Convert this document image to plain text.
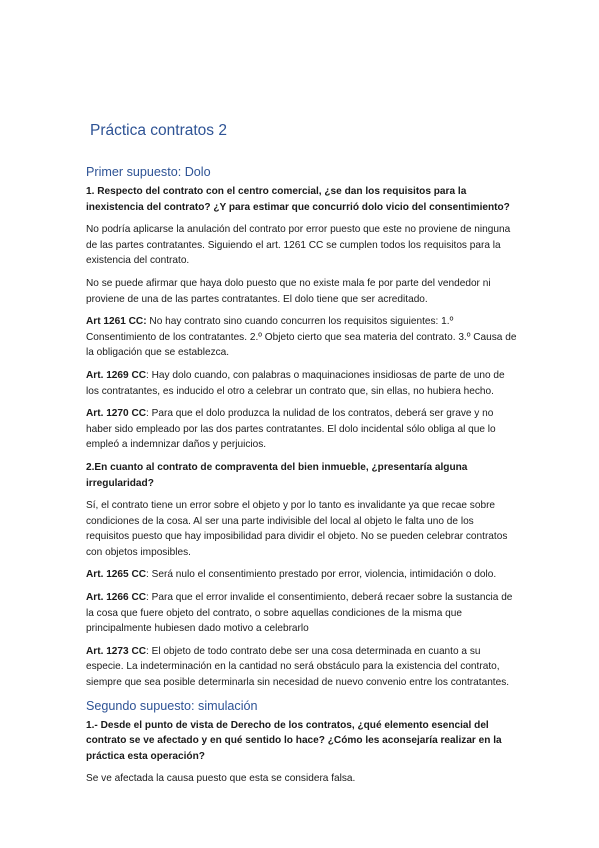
Práctica contratos 2
Primer supuesto: Dolo

1. Respecto del contrato con el centro comercial, ¿se dan los requisitos para la inexistencia del contrato? ¿Y para estimar que concurrió dolo vicio del consentimiento?

No podría aplicarse la anulación del contrato por error puesto que este no proviene de ninguna de las partes contratantes. Siguiendo el art. 1261 CC se cumplen todos los requisitos para la existencia del contrato.

No se puede afirmar que haya dolo puesto que no existe mala fe por parte del vendedor ni proviene de una de las partes contratantes. El dolo tiene que ser acreditado.

Art 1261 CC: No hay contrato sino cuando concurren los requisitos siguientes: 1.º Consentimiento de los contratantes. 2.º Objeto cierto que sea materia del contrato. 3.º Causa de la obligación que se establezca.

Art. 1269 CC: Hay dolo cuando, con palabras o maquinaciones insidiosas de parte de uno de los contratantes, es inducido el otro a celebrar un contrato que, sin ellas, no hubiera hecho.

Art. 1270 CC: Para que el dolo produzca la nulidad de los contratos, deberá ser grave y no haber sido empleado por las dos partes contratantes. El dolo incidental sólo obliga al que lo empleó a indemnizar daños y perjuicios.

2.En cuanto al contrato de compraventa del bien inmueble, ¿presentaría alguna irregularidad?

Sí, el contrato tiene un error sobre el objeto y por lo tanto es invalidante ya que recae sobre condiciones de la cosa. Al ser una parte indivisible del local al objeto le falta uno de los requisitos puesto que hay imposibilidad para dividir el objeto. No se pueden celebrar contratos con objetos imposibles.

Art. 1265 CC: Será nulo el consentimiento prestado por error, violencia, intimidación o dolo.

Art. 1266 CC: Para que el error invalide el consentimiento, deberá recaer sobre la sustancia de la cosa que fuere objeto del contrato, o sobre aquellas condiciones de la misma que principalmente hubiesen dado motivo a celebrarlo

Art. 1273 CC: El objeto de todo contrato debe ser una cosa determinada en cuanto a su especie. La indeterminación en la cantidad no será obstáculo para la existencia del contrato, siempre que sea posible determinarla sin necesidad de nuevo convenio entre los contratantes.

Segundo supuesto: simulación

1.- Desde el punto de vista de Derecho de los contratos, ¿qué elemento esencial del contrato se ve afectado y en qué sentido lo hace? ¿Cómo les aconsejaría realizar en la práctica esta operación?

Se ve afectada la causa puesto que esta se considera falsa.
